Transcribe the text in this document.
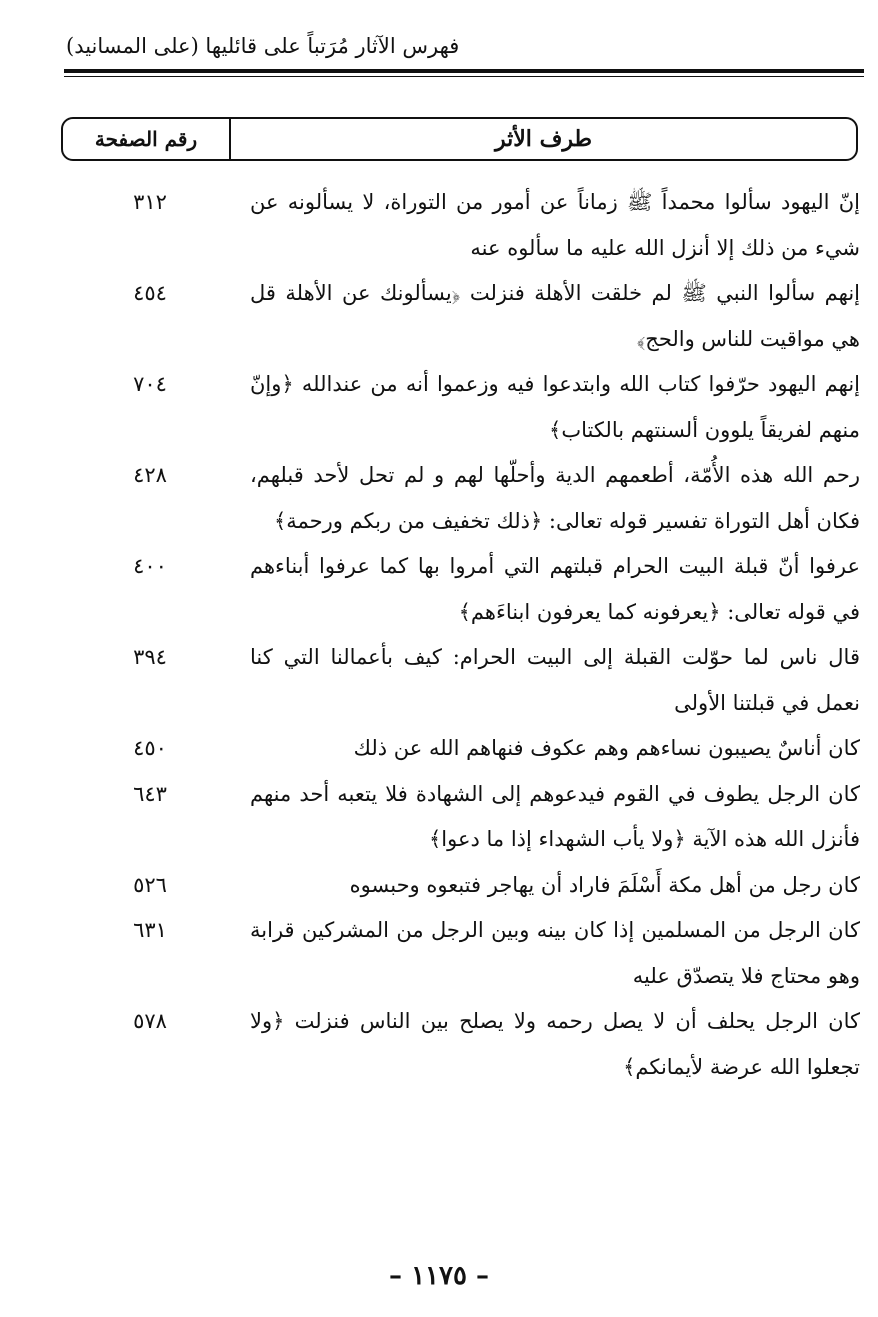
فهرس الآثار مُرَتباً على قائليها (على المسانيد)
طرف الأثر
رقم الصفحة
إنّ اليهود سألوا محمداً ﷺ زماناً عن أمور من التوراة، لا يسألونه عن شيء من ذلك إلا أنزل الله عليه ما سألوه عنه
٣١٢
إنهم سألوا النبي ﷺ لم خلقت الأهلة فنزلت ﴿يسألونك عن الأهلة قل هي مواقيت للناس والحج﴾
٤٥٤
إنهم اليهود حرّفوا كتاب الله وابتدعوا فيه وزعموا أنه من عندالله ﴿وإنّ منهم لفريقاً يلوون ألسنتهم بالكتاب﴾
٧٠٤
رحم الله هذه الأُمّة، أطعمهم الدية وأحلّها لهم و لم تحل لأحد قبلهم، فكان أهل التوراة تفسير قوله تعالى: ﴿ذلك تخفيف من ربكم ورحمة﴾
٤٢٨
عرفوا أنّ قبلة البيت الحرام قبلتهم التي أمروا بها كما عرفوا أبناءهم في قوله تعالى: ﴿يعرفونه كما يعرفون ابناءَهم﴾
٤٠٠
قال ناس لما حوّلت القبلة إلى البيت الحرام: كيف بأعمالنا التي كنا نعمل في قبلتنا الأولى
٣٩٤
كان أناسٌ يصيبون نساءهم وهم عكوف فنهاهم الله عن ذلك
٤٥٠
كان الرجل يطوف في القوم فيدعوهم إلى الشهادة فلا يتعبه أحد منهم فأنزل الله هذه الآية ﴿ولا يأب الشهداء إذا ما دعوا﴾
٦٤٣
كان رجل من أهل مكة أَسْلَمَ فاراد أن يهاجر فتبعوه وحبسوه
٥٢٦
كان الرجل من المسلمين إذا كان بينه وبين الرجل من المشركين قرابة وهو محتاج فلا يتصدّق عليه
٦٣١
كان الرجل يحلف أن لا يصل رحمه ولا يصلح بين الناس فنزلت ﴿ولا تجعلوا الله عرضة لأيمانكم﴾
٥٧٨
– ١١٧٥ –
